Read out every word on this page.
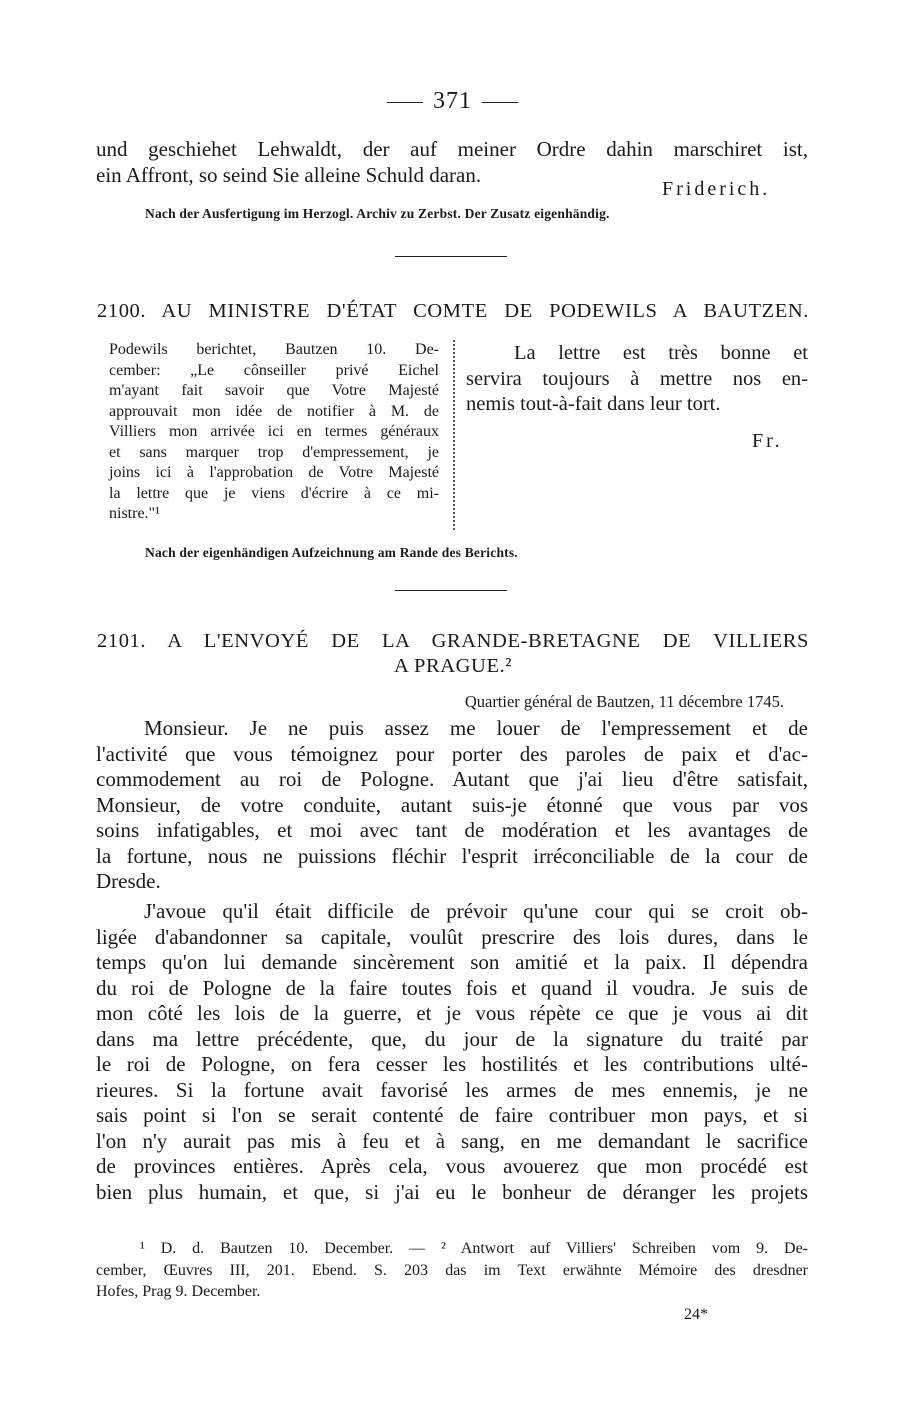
371
und geschiehet Lehwaldt, der auf meiner Ordre dahin marschiret ist,
ein Affront, so seind Sie alleine Schuld daran.
Friderich.
Nach der Ausfertigung im Herzogl. Archiv zu Zerbst. Der Zusatz eigenhändig.
2100. AU MINISTRE D'ÉTAT COMTE DE PODEWILS A BAUTZEN.
Podewils berichtet, Bautzen 10. De-
cember: „Le cônseiller privé Eichel
m'ayant fait savoir que Votre Majesté
approuvait mon idée de notifier à M. de
Villiers mon arrivée ici en termes généraux
et sans marquer trop d'empressement, je
joins ici à l'approbation de Votre Majesté
la lettre que je viens d'écrire à ce mi-
nistre."¹
La lettre est très bonne et
servira toujours à mettre nos en-
nemis tout-à-fait dans leur tort.
Fr.
Nach der eigenhändigen Aufzeichnung am Rande des Berichts.
2101. A L'ENVOYÉ DE LA GRANDE-BRETAGNE DE VILLIERS
A PRAGUE.²
Quartier général de Bautzen, 11 décembre 1745.
Monsieur. Je ne puis assez me louer de l'empressement et de
l'activité que vous témoignez pour porter des paroles de paix et d'ac-
commodement au roi de Pologne. Autant que j'ai lieu d'être satisfait,
Monsieur, de votre conduite, autant suis-je étonné que vous par vos
soins infatigables, et moi avec tant de modération et les avantages de
la fortune, nous ne puissions fléchir l'esprit irréconciliable de la cour de
Dresde.
J'avoue qu'il était difficile de prévoir qu'une cour qui se croit ob-
ligée d'abandonner sa capitale, voulût prescrire des lois dures, dans le
temps qu'on lui demande sincèrement son amitié et la paix. Il dépendra
du roi de Pologne de la faire toutes fois et quand il voudra. Je suis de
mon côté les lois de la guerre, et je vous répète ce que je vous ai dit
dans ma lettre précédente, que, du jour de la signature du traité par
le roi de Pologne, on fera cesser les hostilités et les contributions ulté-
rieures. Si la fortune avait favorisé les armes de mes ennemis, je ne
sais point si l'on se serait contenté de faire contribuer mon pays, et si
l'on n'y aurait pas mis à feu et à sang, en me demandant le sacrifice
de provinces entières. Après cela, vous avouerez que mon procédé est
bien plus humain, et que, si j'ai eu le bonheur de déranger les projets
¹ D. d. Bautzen 10. December. — ² Antwort auf Villiers' Schreiben vom 9. De-
cember, Œuvres III, 201. Ebend. S. 203 das im Text erwähnte Mémoire des dresdner
Hofes, Prag 9. December.
24*
